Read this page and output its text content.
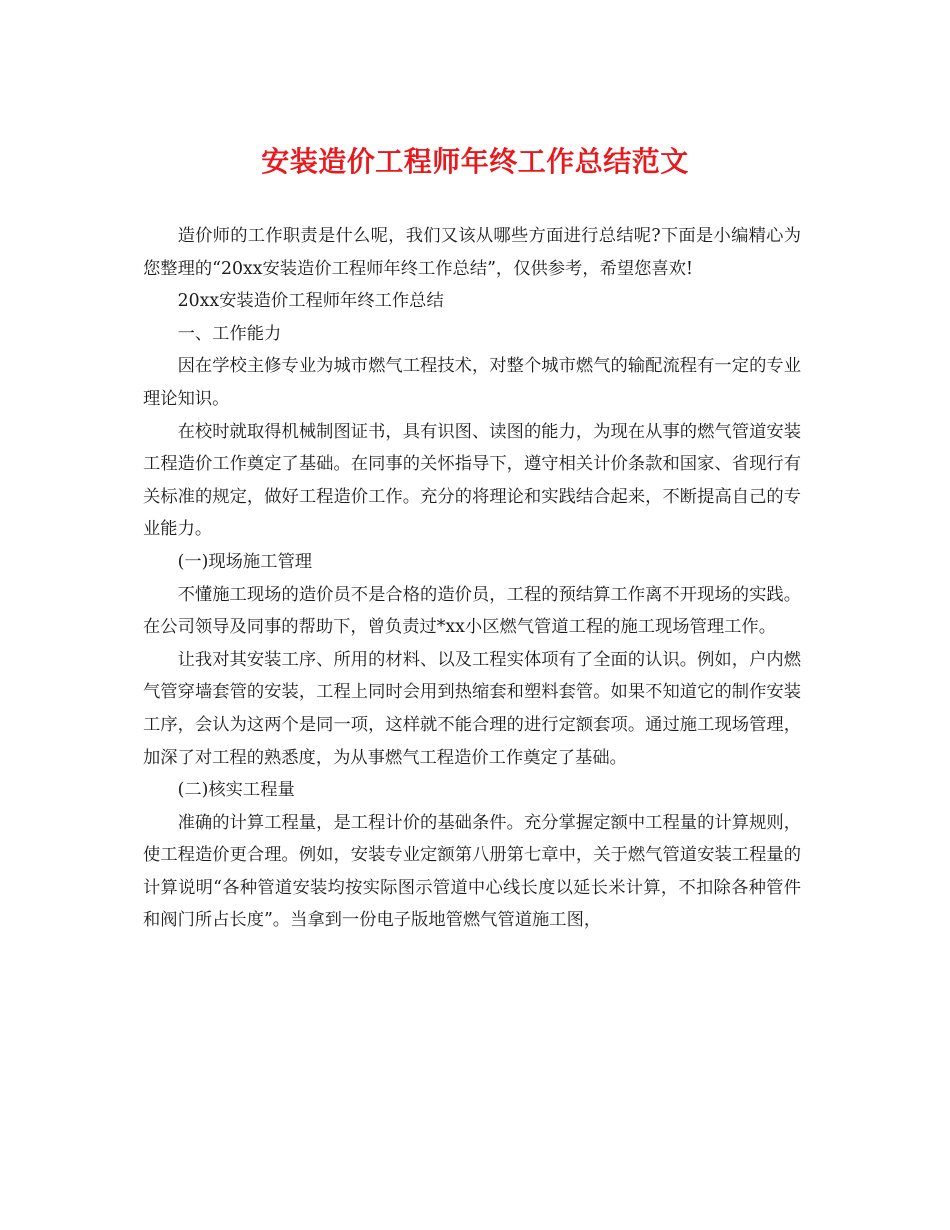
安装造价工程师年终工作总结范文

造价师的工作职责是什么呢，我们又该从哪些方面进行总结呢?下面是小编精心为您整理的“20xx安装造价工程师年终工作总结”，仅供参考，希望您喜欢!

20xx安装造价工程师年终工作总结

一、工作能力

因在学校主修专业为城市燃气工程技术，对整个城市燃气的输配流程有一定的专业理论知识。

在校时就取得机械制图证书，具有识图、读图的能力，为现在从事的燃气管道安装工程造价工作奠定了基础。在同事的关怀指导下，遵守相关计价条款和国家、省现行有关标准的规定，做好工程造价工作。充分的将理论和实践结合起来，不断提高自己的专业能力。

(一)现场施工管理

不懂施工现场的造价员不是合格的造价员，工程的预结算工作离不开现场的实践。在公司领导及同事的帮助下，曾负责过*xx小区燃气管道工程的施工现场管理工作。

让我对其安装工序、所用的材料、以及工程实体项有了全面的认识。例如，户内燃气管穿墙套管的安装，工程上同时会用到热缩套和塑料套管。如果不知道它的制作安装工序，会认为这两个是同一项，这样就不能合理的进行定额套项。通过施工现场管理，加深了对工程的熟悉度，为从事燃气工程造价工作奠定了基础。

(二)核实工程量

准确的计算工程量，是工程计价的基础条件。充分掌握定额中工程量的计算规则，使工程造价更合理。例如，安装专业定额第八册第七章中，关于燃气管道安装工程量的计算说明“各种管道安装均按实际图示管道中心线长度以延长米计算，不扣除各种管件和阀门所占长度”。当拿到一份电子版地管燃气管道施工图，
